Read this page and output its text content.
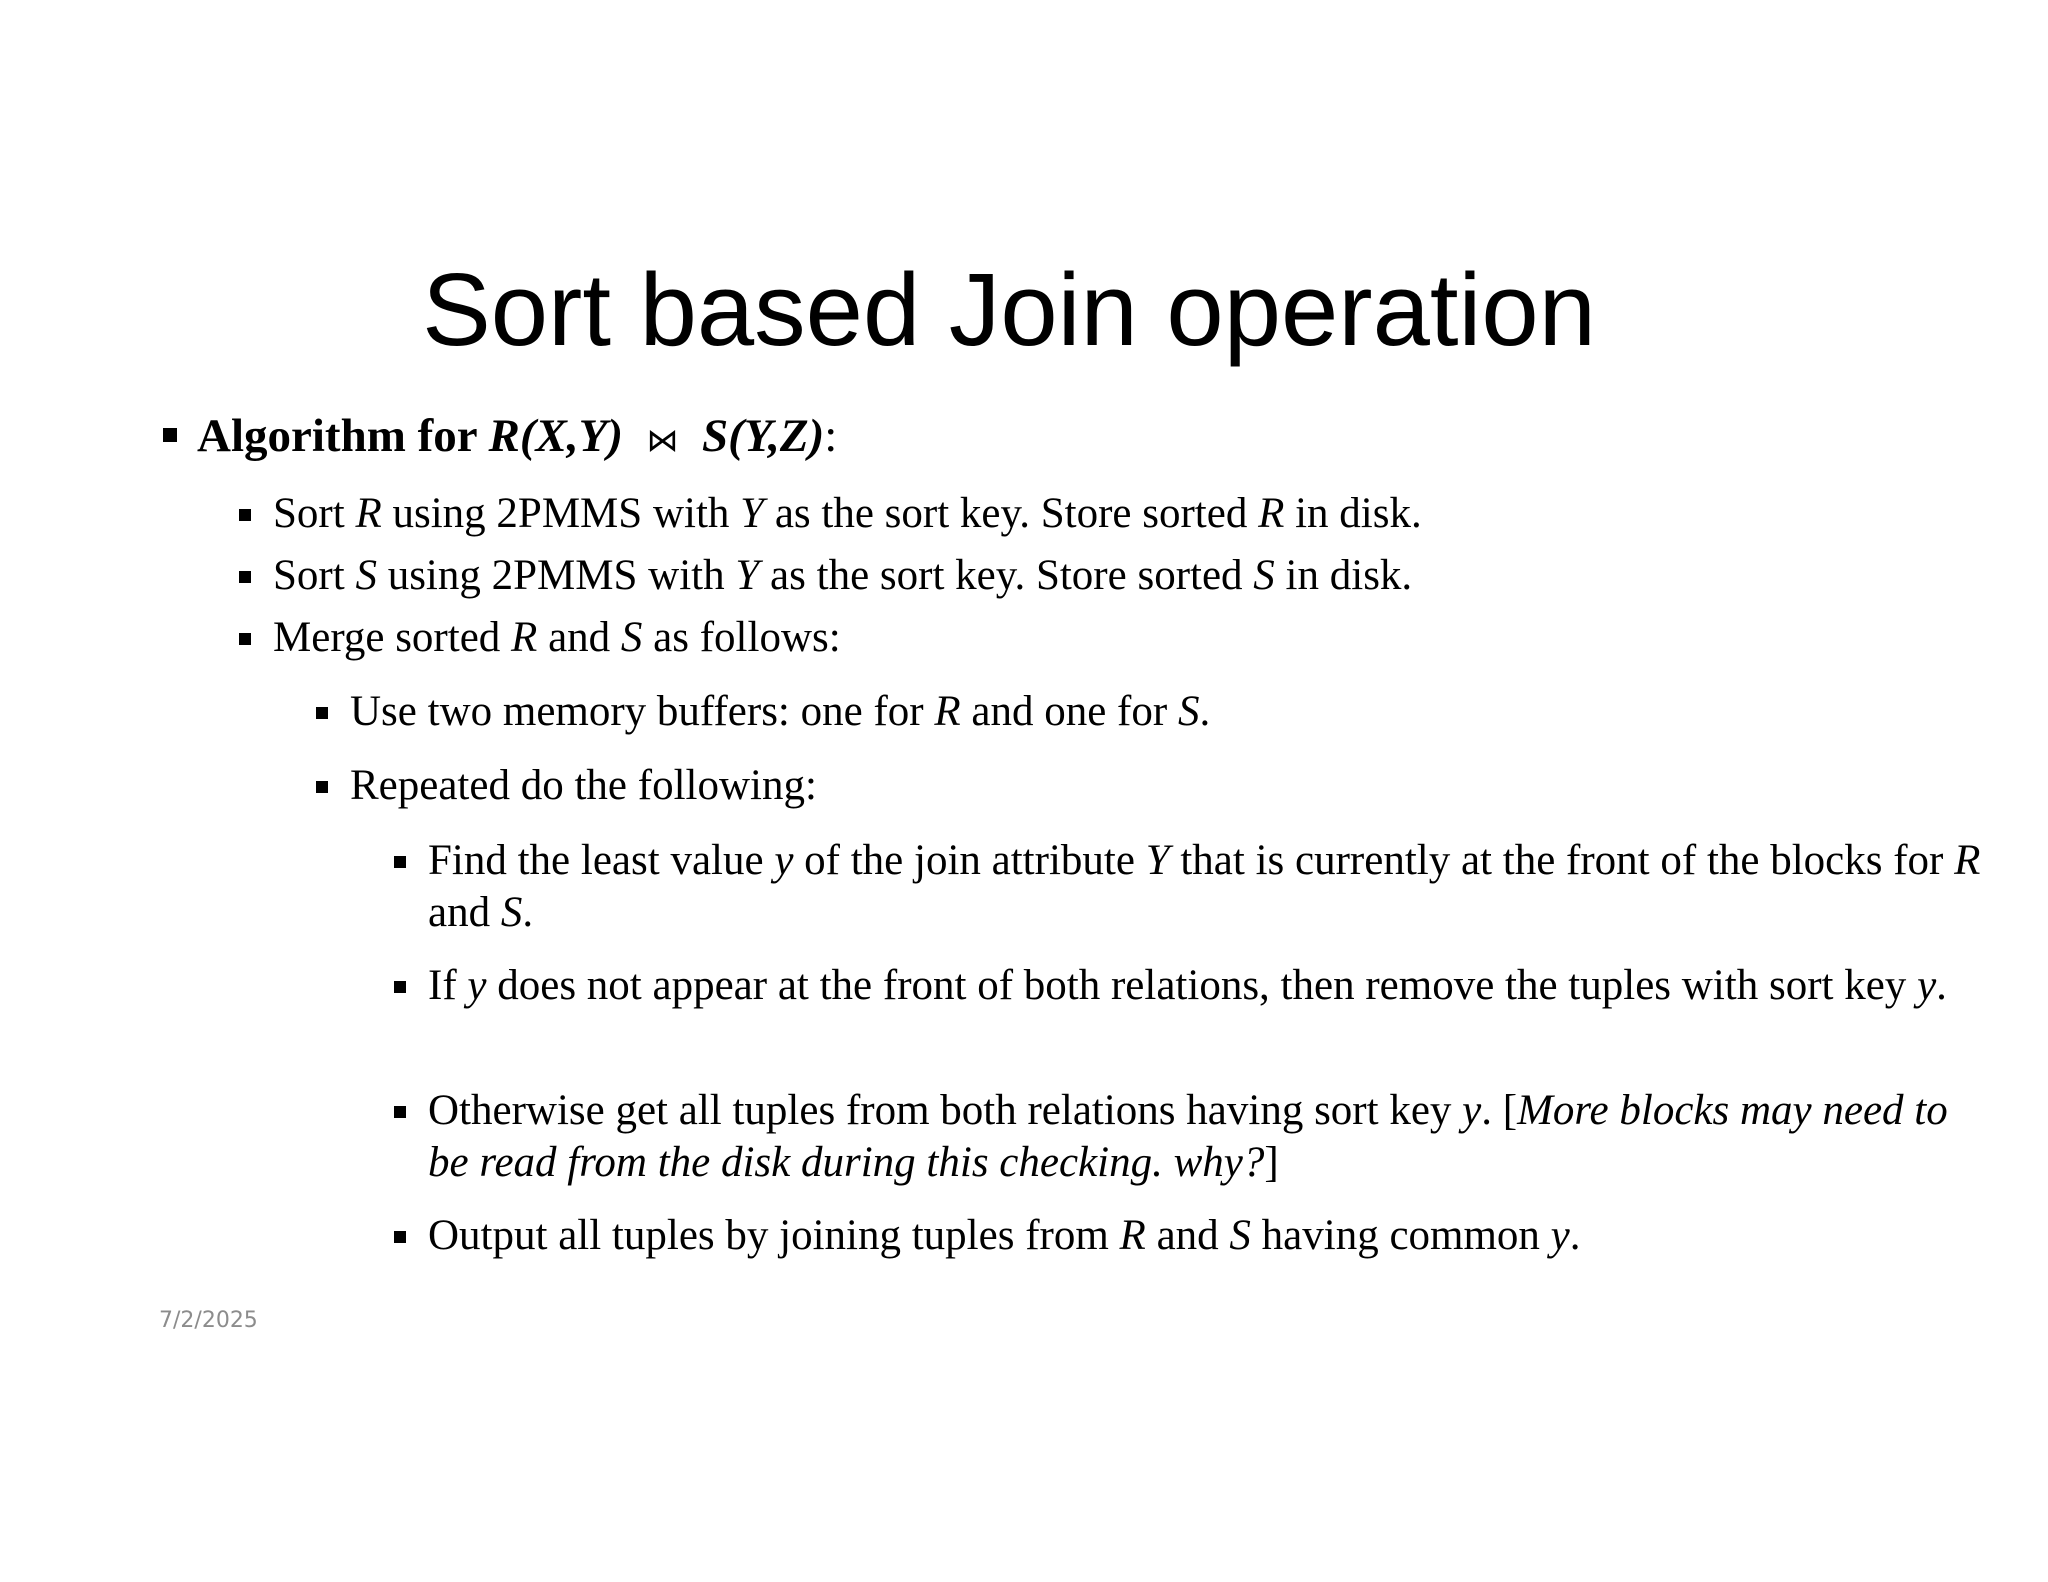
Sort based Join operation
Algorithm for R(X,Y) ⋈ S(Y,Z):
Sort R using 2PMMS with Y as the sort key. Store sorted R in disk.
Sort S using 2PMMS with Y as the sort key. Store sorted S in disk.
Merge sorted R and S as follows:
Use two memory buffers: one for R and one for S.
Repeated do the following:
Find the least value y of the join attribute Y that is currently at the front of the blocks for R and S.
If y does not appear at the front of both relations, then remove the tuples with sort key y.
Otherwise get all tuples from both relations having sort key y. [More blocks may need to be read from the disk during this checking. why?]
Output all tuples by joining tuples from R and S having common y.
7/2/2025
